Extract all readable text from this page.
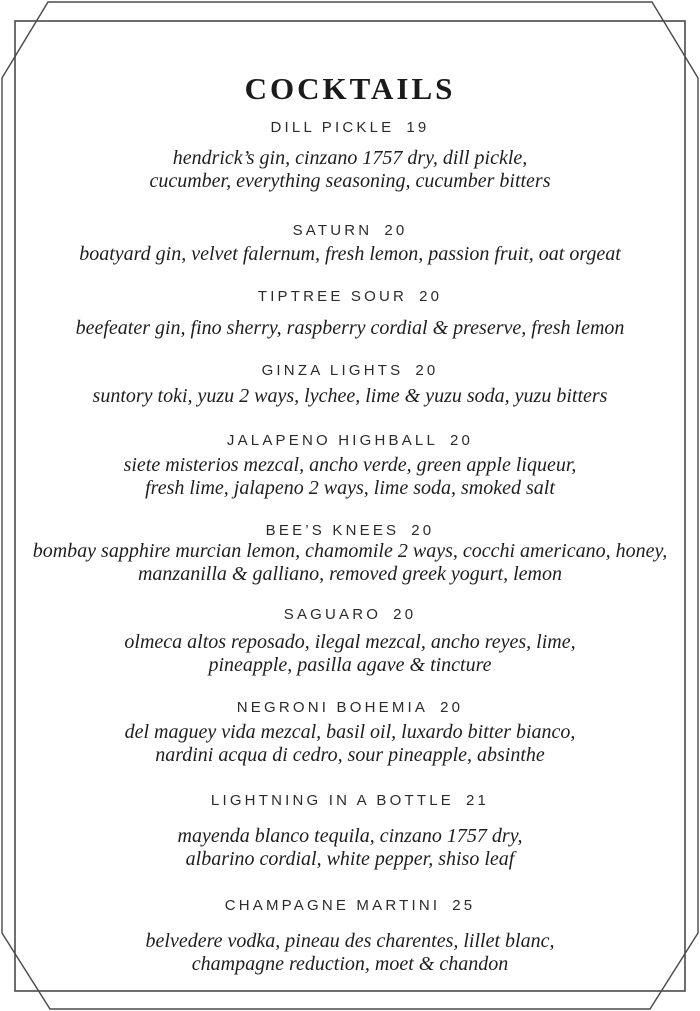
COCKTAILS
DILL PICKLE 19
hendrick’s gin, cinzano 1757 dry, dill pickle,
cucumber, everything seasoning, cucumber bitters
SATURN 20
boatyard gin, velvet falernum, fresh lemon, passion fruit, oat orgeat
TIPTREE SOUR 20
beefeater gin, fino sherry, raspberry cordial & preserve, fresh lemon
GINZA LIGHTS 20
suntory toki, yuzu 2 ways, lychee, lime & yuzu soda, yuzu bitters
JALAPENO HIGHBALL 20
siete misterios mezcal, ancho verde, green apple liqueur,
fresh lime, jalapeno 2 ways, lime soda, smoked salt
BEE’S KNEES 20
bombay sapphire murcian lemon, chamomile 2 ways, cocchi americano, honey,
manzanilla & galliano, removed greek yogurt, lemon
SAGUARO 20
olmeca altos reposado, ilegal mezcal, ancho reyes, lime,
pineapple, pasilla agave & tincture
NEGRONI BOHEMIA 20
del maguey vida mezcal, basil oil, luxardo bitter bianco,
nardini acqua di cedro, sour pineapple, absinthe
LIGHTNING IN A BOTTLE 21
mayenda blanco tequila, cinzano 1757 dry,
albarino cordial, white pepper, shiso leaf
CHAMPAGNE MARTINI 25
belvedere vodka, pineau des charentes, lillet blanc,
champagne reduction, moet & chandon
